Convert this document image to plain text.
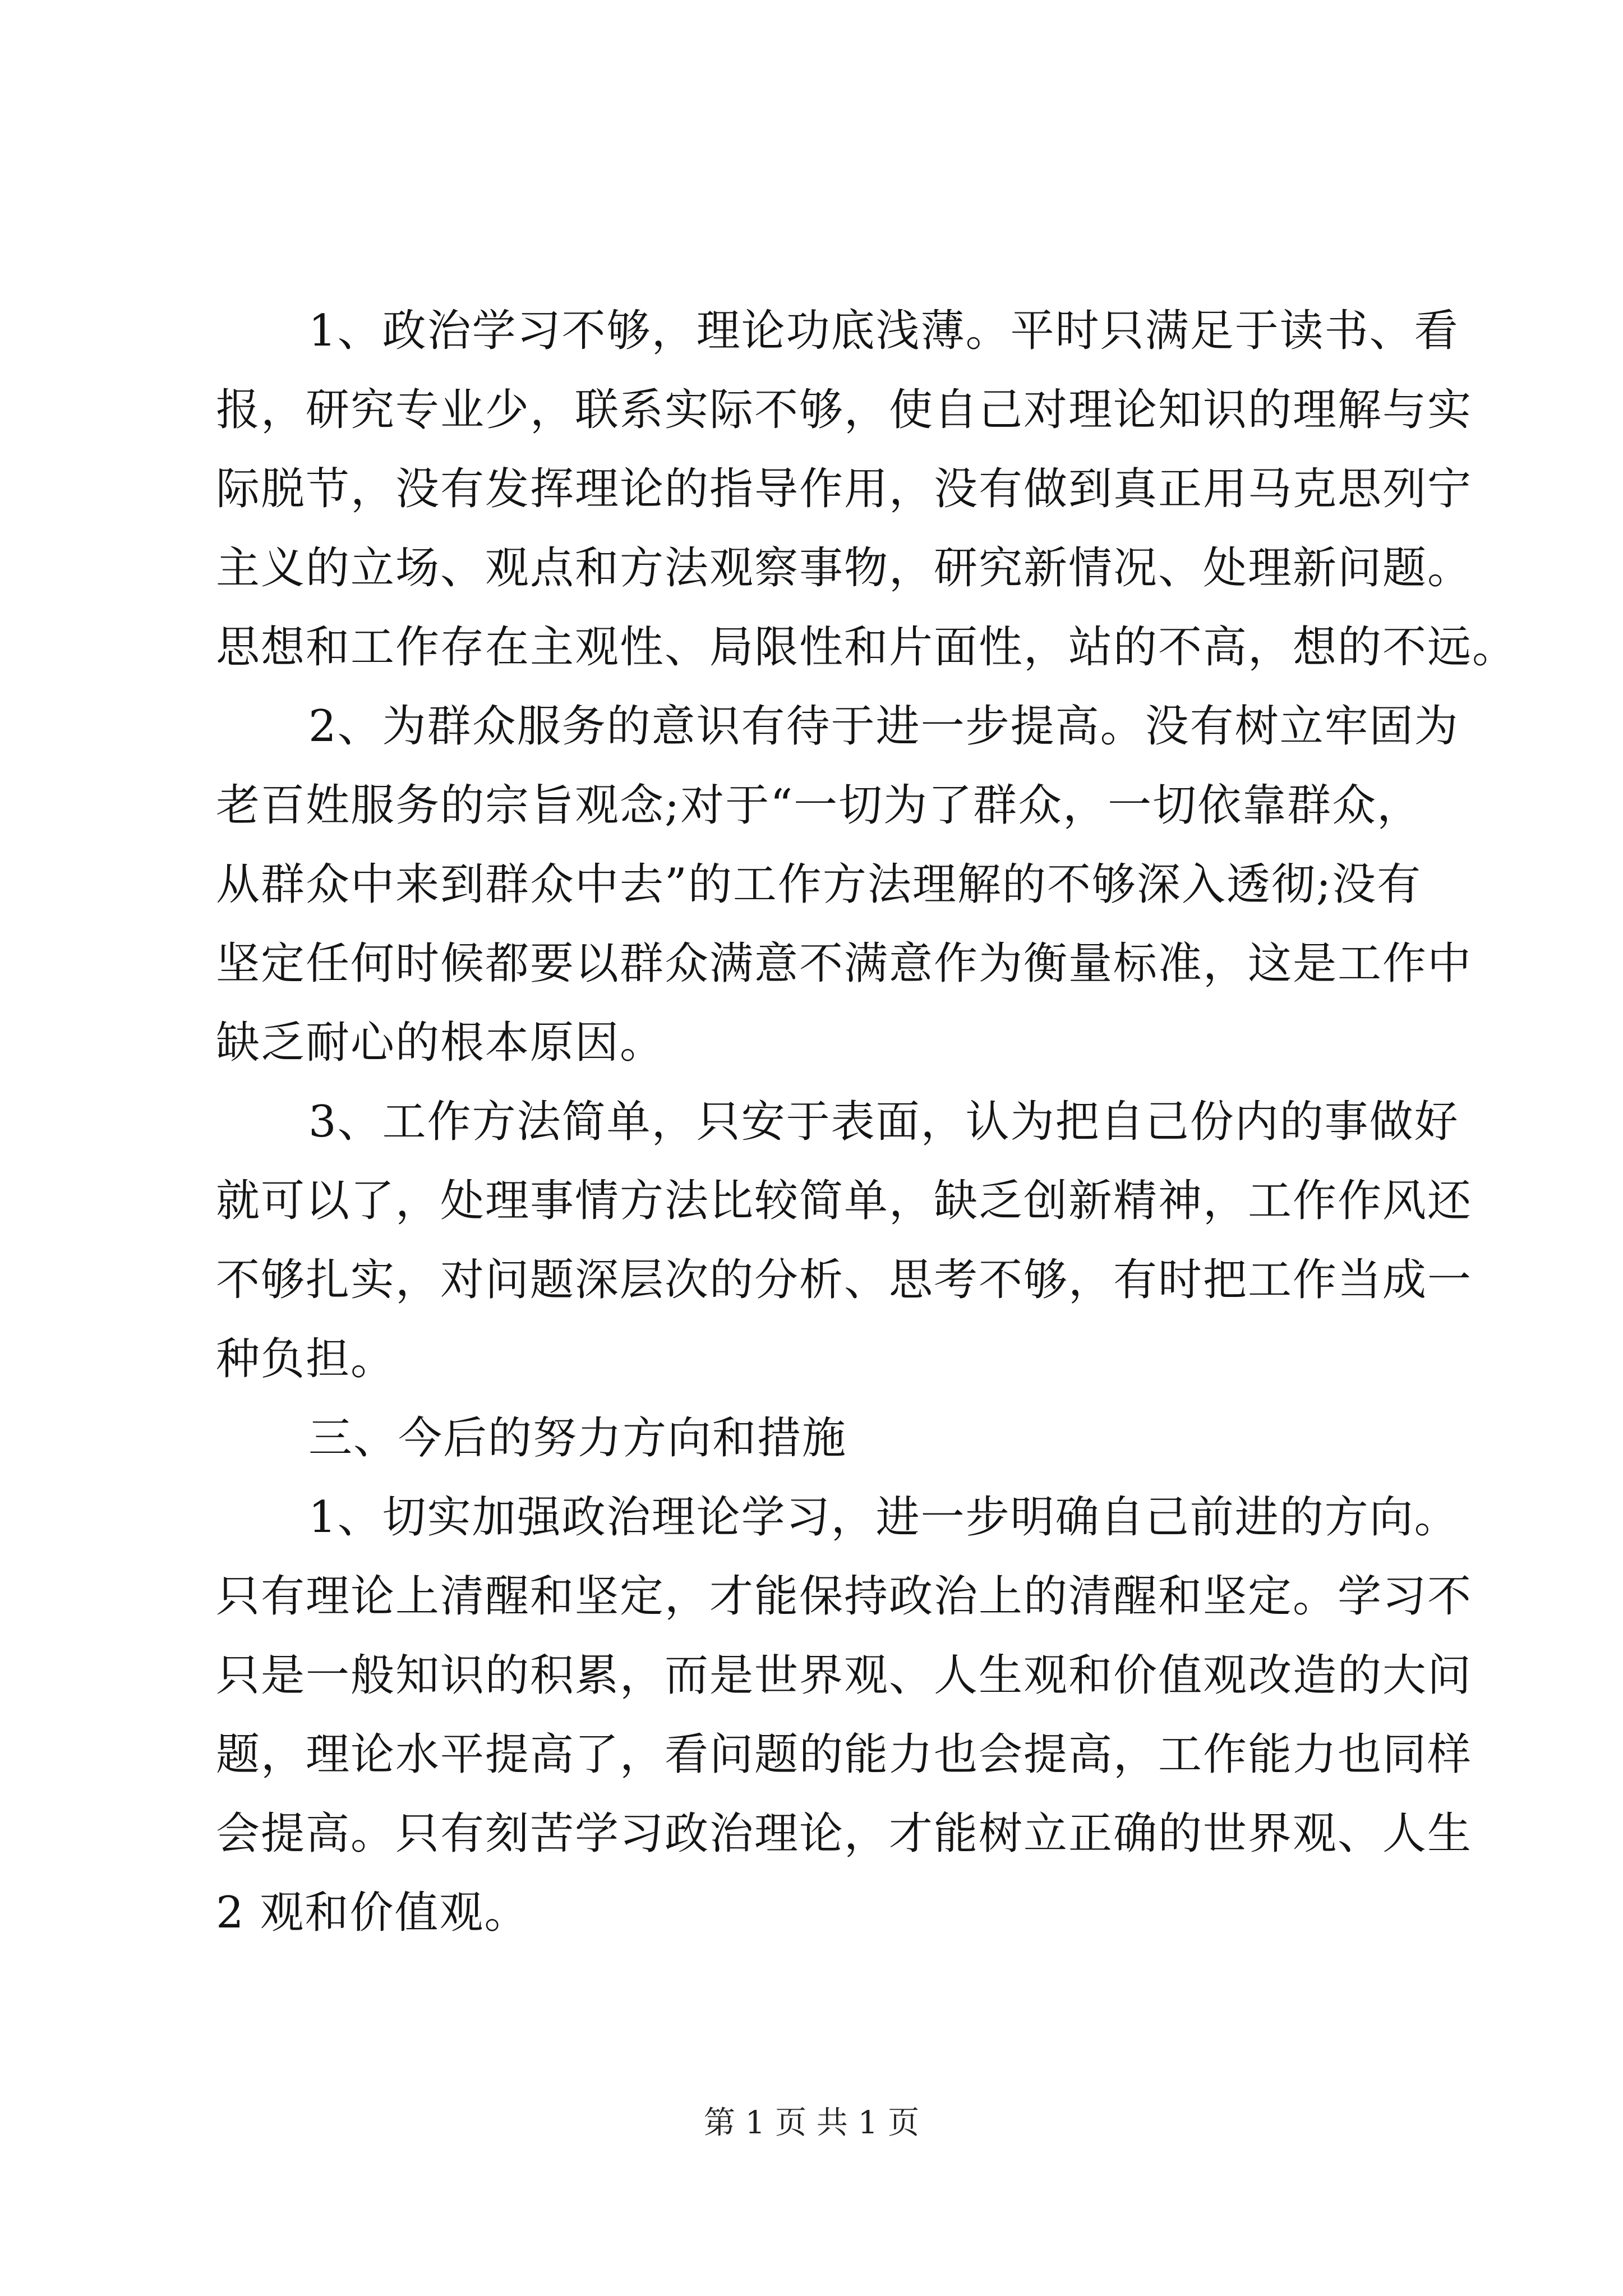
1、政治学习不够，理论功底浅薄。平时只满足于读书、看
报，研究专业少，联系实际不够，使自己对理论知识的理解与实
际脱节，没有发挥理论的指导作用，没有做到真正用马克思列宁
主义的立场、观点和方法观察事物，研究新情况、处理新问题。
思想和工作存在主观性、局限性和片面性，站的不高，想的不远。
2、为群众服务的意识有待于进一步提高。没有树立牢固为
老百姓服务的宗旨观念;对于“一切为了群众，一切依靠群众，
从群众中来到群众中去”的工作方法理解的不够深入透彻;没有
坚定任何时候都要以群众满意不满意作为衡量标准，这是工作中
缺乏耐心的根本原因。
3、工作方法简单，只安于表面，认为把自己份内的事做好
就可以了，处理事情方法比较简单，缺乏创新精神，工作作风还
不够扎实，对问题深层次的分析、思考不够，有时把工作当成一
种负担。
三、今后的努力方向和措施
1、切实加强政治理论学习，进一步明确自己前进的方向。
只有理论上清醒和坚定，才能保持政治上的清醒和坚定。学习不
只是一般知识的积累，而是世界观、人生观和价值观改造的大问
题，理论水平提高了，看问题的能力也会提高，工作能力也同样
会提高。只有刻苦学习政治理论，才能树立正确的世界观、人生
2 观和价值观。
第 1 页 共 1 页
